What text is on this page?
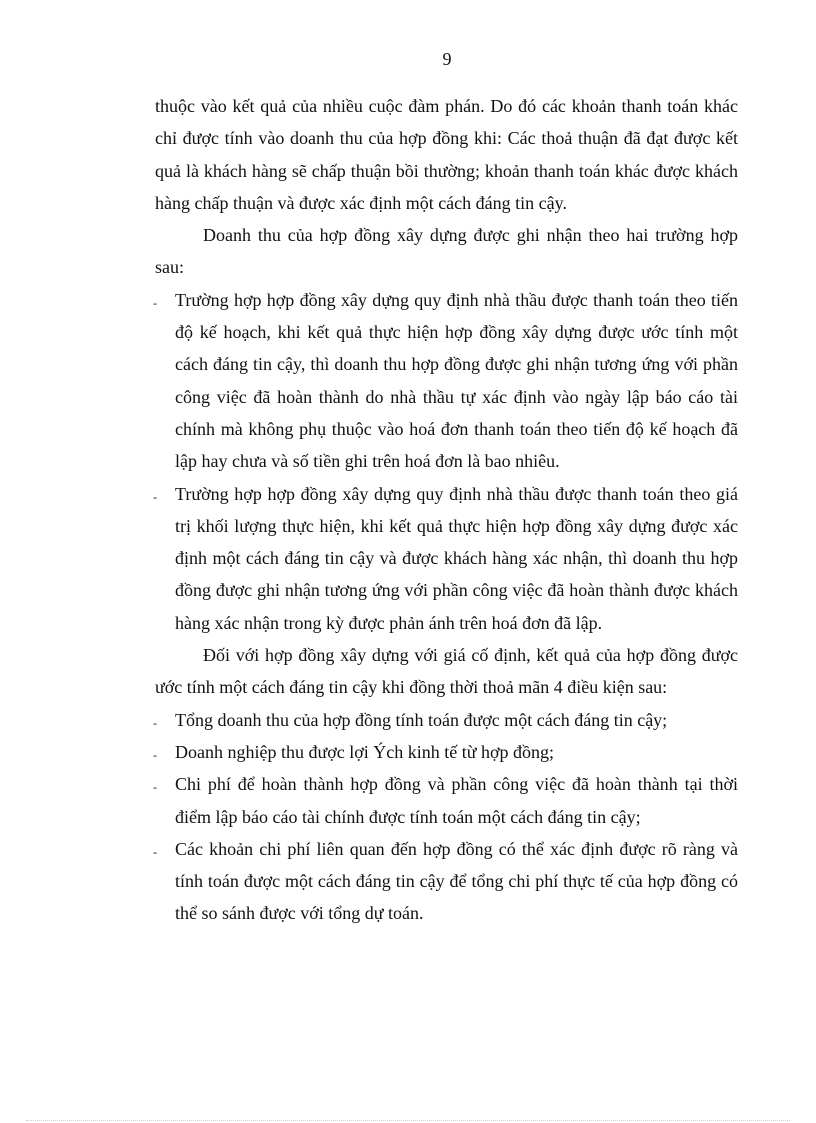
9

thuộc vào kết quả của nhiều cuộc đàm phán. Do đó các khoản thanh toán khác chỉ được tính vào doanh thu của hợp đồng khi: Các thoả thuận đã đạt được kết quả là khách hàng sẽ chấp thuận bồi thường; khoản thanh toán khác được khách hàng chấp thuận và được xác định một cách đáng tin cậy.

Doanh thu của hợp đồng xây dựng được ghi nhận theo hai trường hợp sau:

- Trường hợp hợp đồng xây dựng quy định nhà thầu được thanh toán theo tiến độ kế hoạch, khi kết quả thực hiện hợp đồng xây dựng được ước tính một cách đáng tin cậy, thì doanh thu hợp đồng được ghi nhận tương ứng với phần công việc đã hoàn thành do nhà thầu tự xác định vào ngày lập báo cáo tài chính mà không phụ thuộc vào hoá đơn thanh toán theo tiến độ kế hoạch đã lập hay chưa và số tiền ghi trên hoá đơn là bao nhiêu.
- Trường hợp hợp đồng xây dựng quy định nhà thầu được thanh toán theo giá trị khối lượng thực hiện, khi kết quả thực hiện hợp đồng xây dựng được xác định một cách đáng tin cậy và được khách hàng xác nhận, thì doanh thu hợp đồng được ghi nhận tương ứng với phần công việc đã hoàn thành được khách hàng xác nhận trong kỳ được phản ánh trên hoá đơn đã lập.

Đối với hợp đồng xây dựng với giá cố định, kết quả của hợp đồng được ước tính một cách đáng tin cậy khi đồng thời thoả mãn 4 điều kiện sau:

- Tổng doanh thu của hợp đồng tính toán được một cách đáng tin cậy;
- Doanh nghiệp thu được lợi Ých kinh tế từ hợp đồng;
- Chi phí để hoàn thành hợp đồng và phần công việc đã hoàn thành tại thời điểm lập báo cáo tài chính được tính toán một cách đáng tin cậy;
- Các khoản chi phí liên quan đến hợp đồng có thể xác định được rõ ràng và tính toán được một cách đáng tin cậy để tổng chi phí thực tế của hợp đồng có thể so sánh được với tổng dự toán.
